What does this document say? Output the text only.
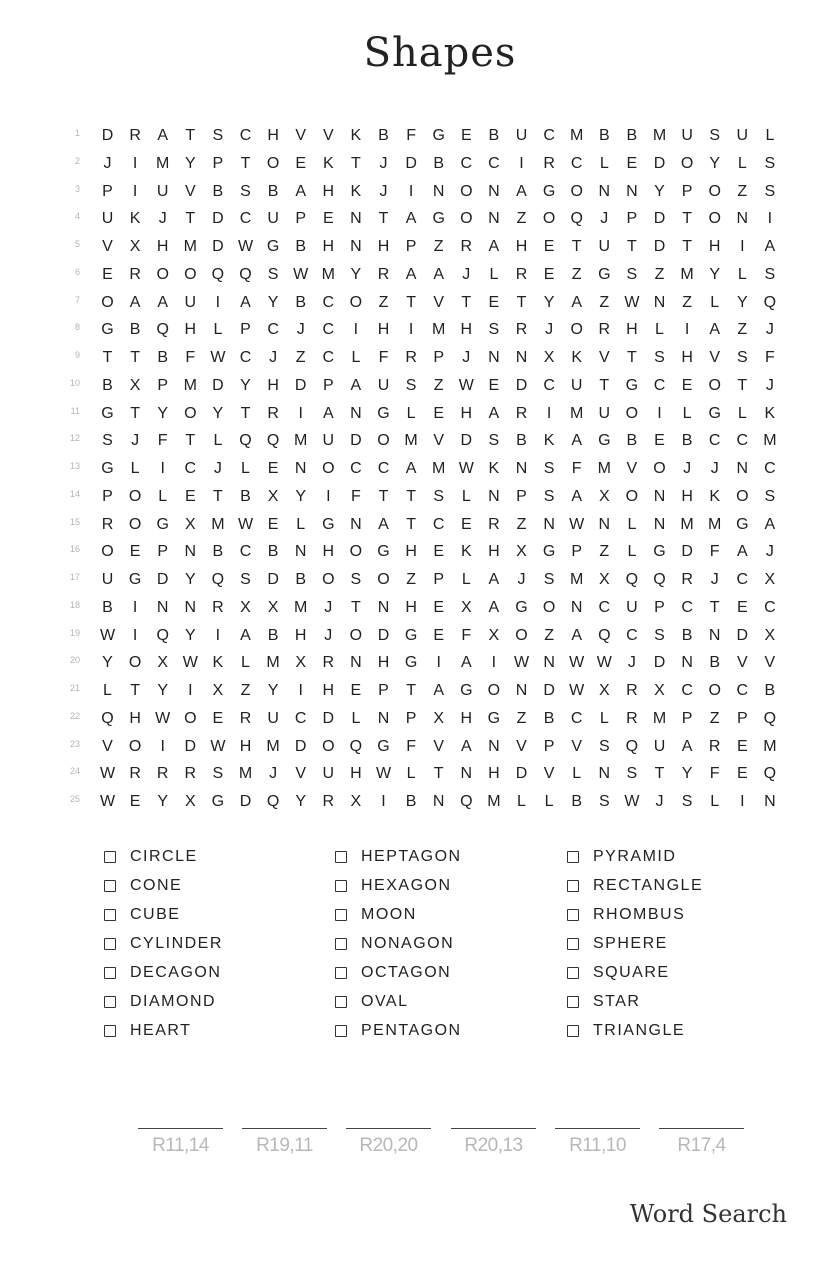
Shapes
1	D	R	A	T	S	C	H	V	V	K	B	F	G	E	B	U	C M B	B M U	S	U	L
2	J	I	M Y	P	T	O	E	K	T	J	D	B	C	C	I	R	C	L	E	D O	Y	L	S
3	P	I	U	V	B	S	B	A	H	K	J	I	N O N	A	G O N	N	Y	P	O	Z	S
4	U	K	J	T	D	C	U	P	E	N	T	A	G O N	Z	O Q	J	P	D	T	O N	I
5	V	X	H M D W G	B	H	N	H	P	Z	R	A	H	E	T	U	T	D	T	H	I	A
6	E	R O O Q Q	S W M Y	R	A	A	J	L	R	E	Z	G	S	Z	M Y	L	S
7	O	A	A	U	I	A	Y	B	C O	Z	T	V	T	E	T	Y	A	Z W N	Z	L	Y	Q
8	G	B	Q H	L	P	C	J	C	I	H	I	M H	S	R	J	O R	H	L	I	A	Z	J
9	T	T	B	F W C	J	Z	C	L	F	R	P	J	N	N	X	K	V	T	S	H	V	S	F
10	B	X	P M D	Y	H	D	P	A	U	S	Z W E	D	C	U	T	G C	E	O	T	J
11	G	T	Y	O	Y	T	R	I	A	N G	L	E	H	A	R	I	M U O	I	L	G	L	K
12	S	J	F	T	L	Q Q M U	D O M V	D	S	B	K	A	G	B	E	B	C	C M
13	G	L	I	C	J	L	E	N O C	C	A M W K	N	S	F	M V	O	J	J	N	C
14	P	O	L	E	T	B	X	Y	I	F	T	T	S	L	N	P	S	A	X	O N	H	K	O	S
15	R O G	X M W E	L	G N	A	T	C	E	R	Z	N W N	L	N M M G	A
16	O	E	P	N	B	C	B	N	H O G H	E	K	H	X	G	P	Z	L	G D	F	A	J
17	U G D	Y	Q	S	D	B	O	S	O	Z	P	L	A	J	S M X	Q Q R	J	C	X
18	B	I	N	N	R	X	X M	J	T	N	H	E	X	A	G O N	C	U	P	C	T	E	C
19	W	I	Q	Y	I	A	B	H	J	O D G	E	F	X	O	Z	A	Q C	S	B	N	D	X
20	Y	O	X W K	L	M X	R	N	H G	I	A	I	W N W W	J	D	N	B	V	V
21	L	T	Y	I	X	Z	Y	I	H	E	P	T	A	G O N	D W X	R	X	C O C	B
22	Q H W O	E	R	U	C	D	L	N	P	X	H G	Z	B	C	L	R M P	Z	P	Q
23	V	O	I	D W H M D O Q G	F	V	A	N	V	P	V	S	Q U	A	R	E M
24	W R	R	R	S M	J	V	U	H W L	T	N	H	D	V	L	N	S	T	Y	F	E	Q
25	W E	Y	X	G D Q	Y	R	X	I	B	N Q M	L	L	B	S W	J	S	L	I	N
CIRCLE
CONE
CUBE
CYLINDER
DECAGON
DIAMOND
HEART
HEPTAGON
HEXAGON
MOON
NONAGON
OCTAGON
OVAL
PENTAGON
PYRAMID
RECTANGLE
RHOMBUS
SPHERE
SQUARE
STAR
TRIANGLE
R11,14	R19,11	R20,20	R20,13	R11,10	R17,4
Word Search
